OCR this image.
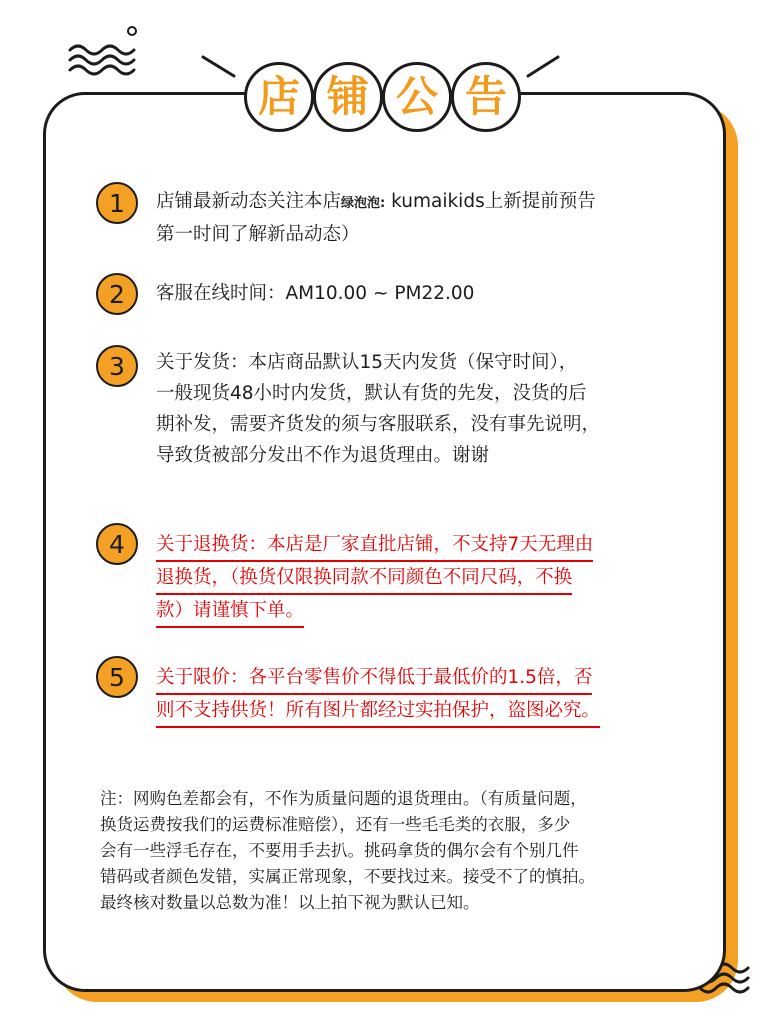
店 铺 公 告
1	店铺最新动态关注本店绿泡泡: kumaikids上新提前预告
第一时间了解新品动态）
2	客服在线时间：AM10.00 ~ PM22.00
3	关于发货：本店商品默认15天内发货（保守时间），
一般现货48小时内发货，默认有货的先发，没货的后
期补发，需要齐货发的须与客服联系，没有事先说明，
导致货被部分发出不作为退货理由。谢谢
4	关于退换货：本店是厂家直批店铺，不支持7天无理由
退换货，（换货仅限换同款不同颜色不同尺码，不换
款）请谨慎下单。
5	关于限价：各平台零售价不得低于最低价的1.5倍，否
则不支持供货！所有图片都经过实拍保护，盗图必究。
注：网购色差都会有，不作为质量问题的退货理由。（有质量问题，
换货运费按我们的运费标准赔偿），还有一些毛毛类的衣服，多少
会有一些浮毛存在，不要用手去扒。挑码拿货的偶尔会有个别几件
错码或者颜色发错，实属正常现象，不要找过来。接受不了的慎拍。
最终核对数量以总数为准！以上拍下视为默认已知。
